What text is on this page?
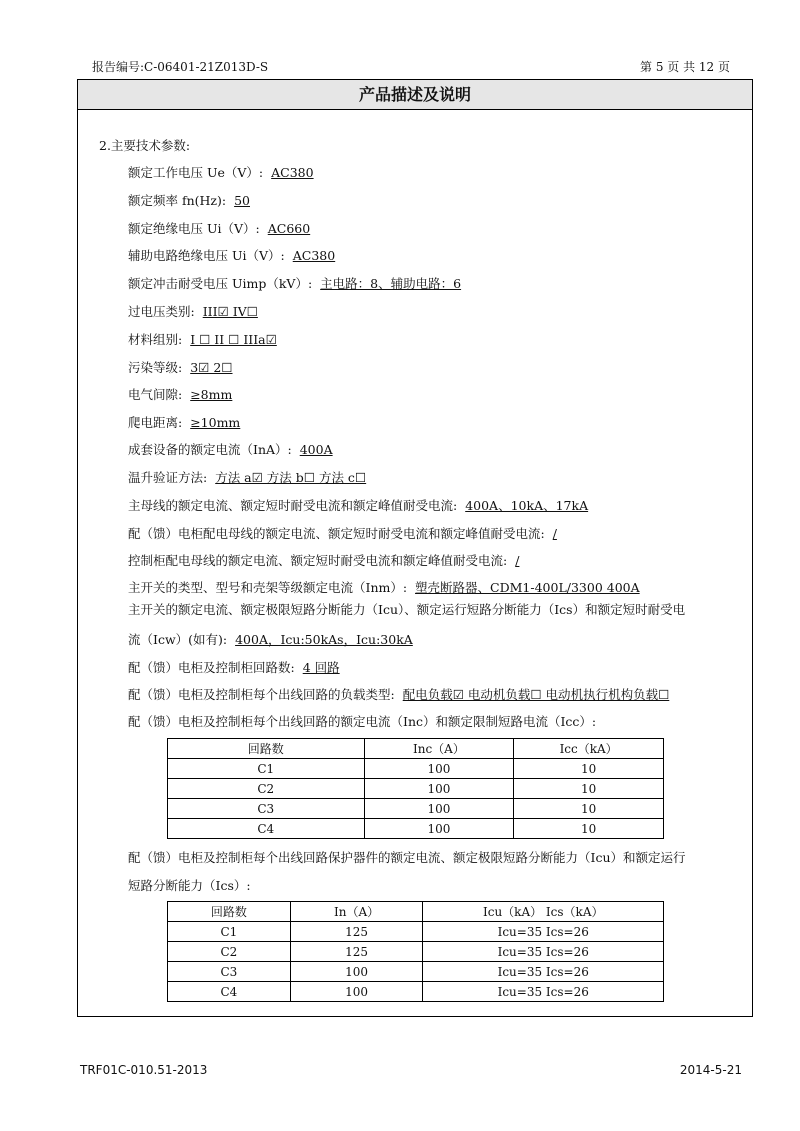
报告编号:C-06401-21Z013D-S	第 5 页 共 12 页
产品描述及说明
2.主要技术参数:
额定工作电压 Ue（V）: AC380
额定频率 fn(Hz): 50
额定绝缘电压 Ui（V）: AC660
辅助电路绝缘电压 Ui（V）: AC380
额定冲击耐受电压 Uimp（kV）: 主电路：8、辅助电路：6
过电压类别: III☑ IV☐
材料组别: I ☐ II ☐ IIIa☑
污染等级: 3☑ 2☐
电气间隙: ≥8mm
爬电距离: ≥10mm
成套设备的额定电流（InA）: 400A
温升验证方法: 方法 a☑ 方法 b☐ 方法 c☐
主母线的额定电流、额定短时耐受电流和额定峰值耐受电流: 400A、10kA、17kA
配（馈）电柜配电母线的额定电流、额定短时耐受电流和额定峰值耐受电流: /
控制柜配电母线的额定电流、额定短时耐受电流和额定峰值耐受电流: /
主开关的类型、型号和壳架等级额定电流（Inm）: 塑壳断路器、CDM1-400L/3300 400A
主开关的额定电流、额定极限短路分断能力（Icu）、额定运行短路分断能力（Ics）和额定短时耐受电
流（Icw）(如有): 400A，Icu:50kAs，Icu:30kA
配（馈）电柜及控制柜回路数: 4 回路
配（馈）电柜及控制柜每个出线回路的负载类型: 配电负载☑ 电动机负载☐ 电动机执行机构负载☐
配（馈）电柜及控制柜每个出线回路的额定电流（Inc）和额定限制短路电流（Icc）:
回路数	Inc（A）	Icc（kA）
C1	100	10
C2	100	10
C3	100	10
C4	100	10
配（馈）电柜及控制柜每个出线回路保护器件的额定电流、额定极限短路分断能力（Icu）和额定运行
短路分断能力（Ics）:
回路数	In（A）	Icu（kA） Ics（kA）
C1	125	Icu=35 Ics=26
C2	125	Icu=35 Ics=26
C3	100	Icu=35 Ics=26
C4	100	Icu=35 Ics=26
TRF01C-010.51-2013	2014-5-21
